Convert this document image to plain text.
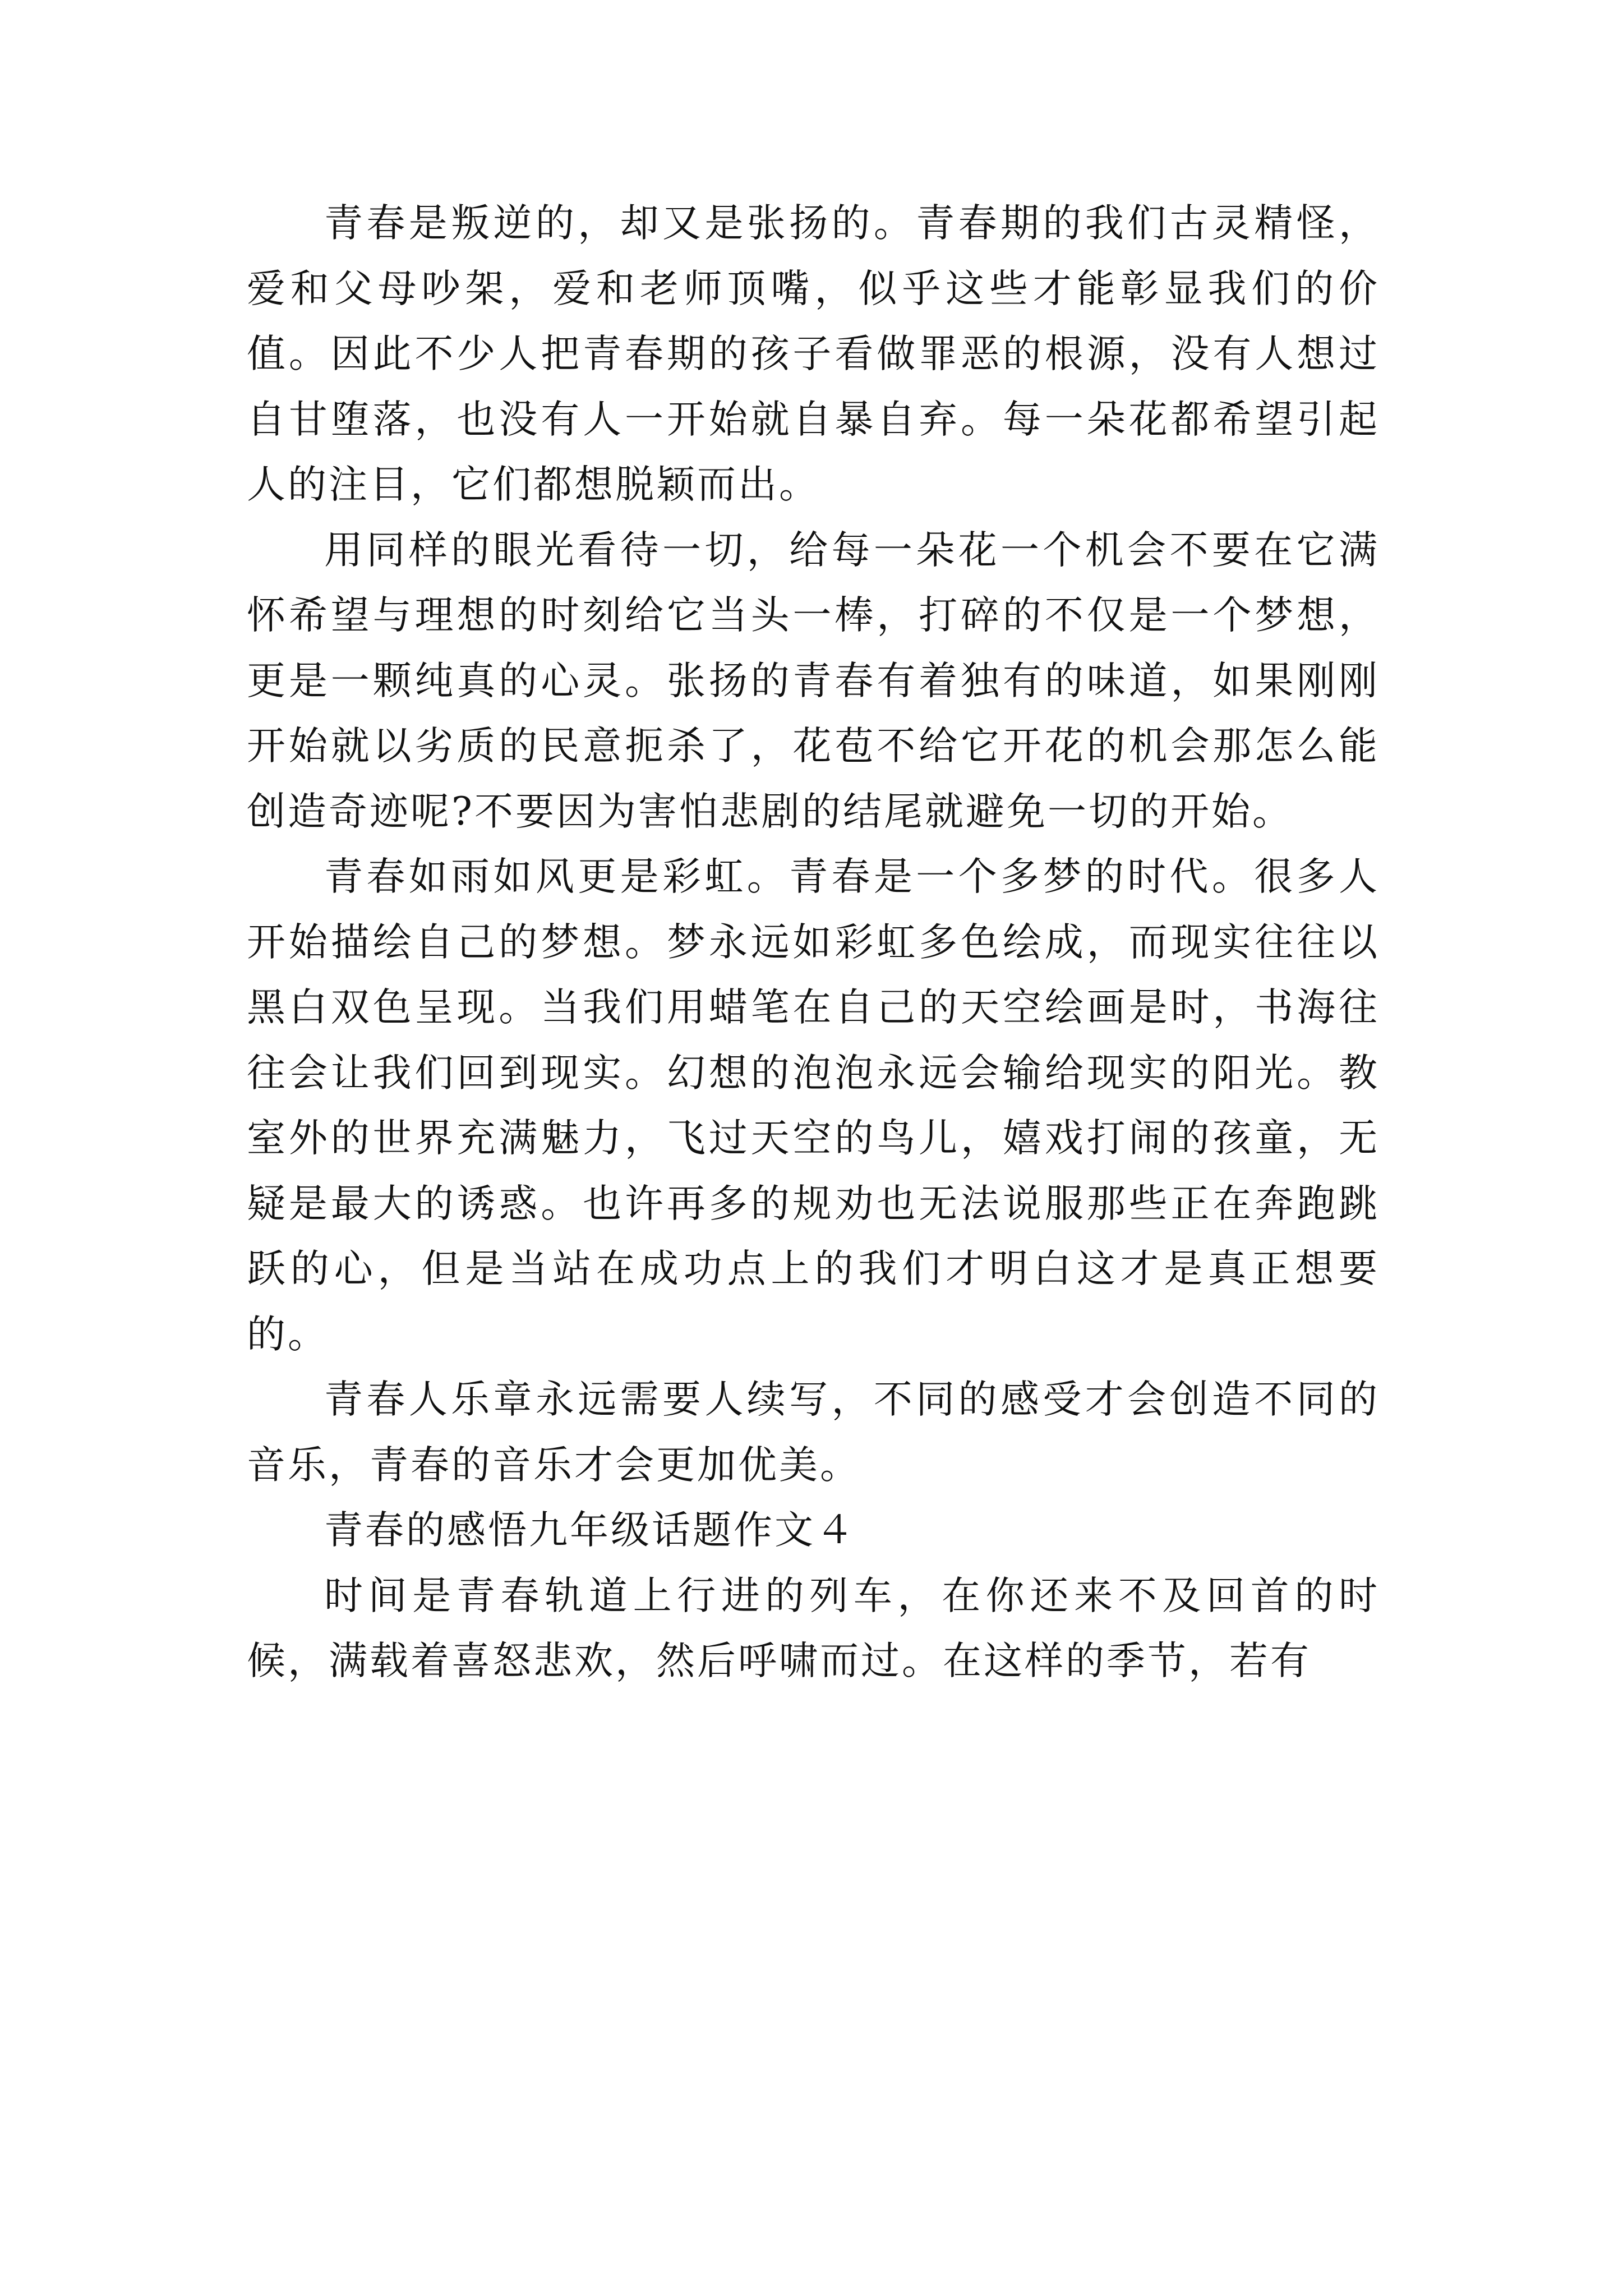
青春是叛逆的，却又是张扬的。青春期的我们古灵精怪，爱和父母吵架，爱和老师顶嘴，似乎这些才能彰显我们的价值。因此不少人把青春期的孩子看做罪恶的根源，没有人想过自甘堕落，也没有人一开始就自暴自弃。每一朵花都希望引起人的注目，它们都想脱颖而出。

用同样的眼光看待一切，给每一朵花一个机会不要在它满怀希望与理想的时刻给它当头一棒，打碎的不仅是一个梦想，更是一颗纯真的心灵。张扬的青春有着独有的味道，如果刚刚开始就以劣质的民意扼杀了，花苞不给它开花的机会那怎么能创造奇迹呢?不要因为害怕悲剧的结尾就避免一切的开始。

青春如雨如风更是彩虹。青春是一个多梦的时代。很多人开始描绘自己的梦想。梦永远如彩虹多色绘成，而现实往往以黑白双色呈现。当我们用蜡笔在自己的天空绘画是时，书海往往会让我们回到现实。幻想的泡泡永远会输给现实的阳光。教室外的世界充满魅力，飞过天空的鸟儿，嬉戏打闹的孩童，无疑是最大的诱惑。也许再多的规劝也无法说服那些正在奔跑跳跃的心，但是当站在成功点上的我们才明白这才是真正想要的。

青春人乐章永远需要人续写，不同的感受才会创造不同的音乐，青春的音乐才会更加优美。

青春的感悟九年级话题作文４

时间是青春轨道上行进的列车，在你还来不及回首的时候，满载着喜怒悲欢，然后呼啸而过。在这样的季节，若有
